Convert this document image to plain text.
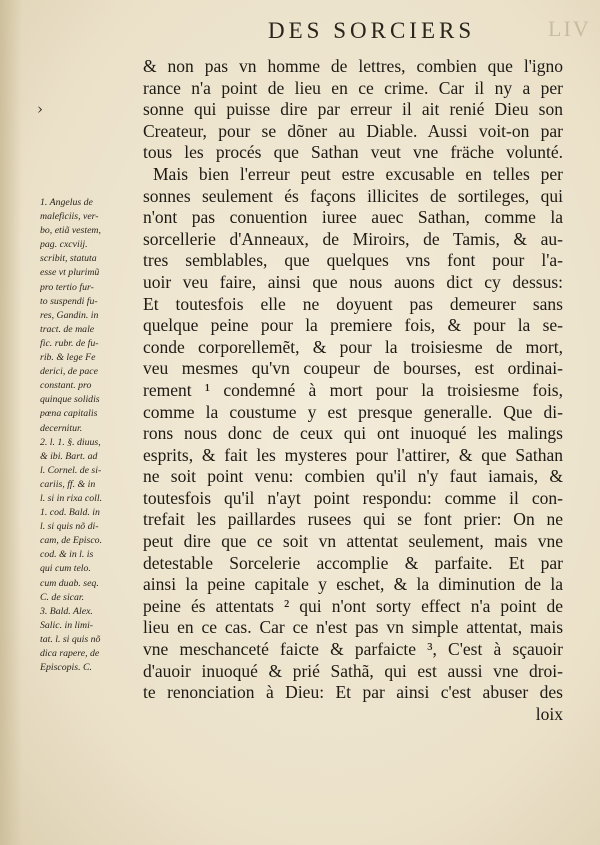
DES SORCIERS	LIV
›
& non pas vn homme de lettres, combien que l'igno
rance n'a point de lieu en ce crime. Car il ny a per
sonne qui puisse dire par erreur il ait renié Dieu son
Createur, pour se dõner au Diable. Aussi voit-on par
tous les procés que Sathan veut vne fräche volunté.
Mais bien l'erreur peut estre excusable en telles per
sonnes seulement és façons illicites de sortileges, qui
n'ont pas conuention iuree auec Sathan, comme la
sorcellerie d'Anneaux, de Miroirs, de Tamis, & au-
tres semblables, que quelques vns font pour l'a-
uoir veu faire, ainsi que nous auons dict cy dessus:
Et toutesfois elle ne doyuent pas demeurer sans
quelque peine pour la premiere fois, & pour la se-
conde corporellemẽt, & pour la troisiesme de mort,
veu mesmes qu'vn coupeur de bourses, est ordinai-
rement ¹ condemné à mort pour la troisiesme fois,
comme la coustume y est presque generalle. Que di-
rons nous donc de ceux qui ont inuoqué les malings
esprits, & fait les mysteres pour l'attirer, & que Sathan
ne soit point venu: combien qu'il n'y faut iamais, &
toutesfois qu'il n'ayt point respondu: comme il con-
trefait les paillardes rusees qui se font prier: On ne
peut dire que ce soit vn attentat seulement, mais vne
detestable Sorcelerie accomplie & parfaite. Et par
ainsi la peine capitale y eschet, & la diminution de la
peine és attentats ² qui n'ont sorty effect n'a point de
lieu en ce cas. Car ce n'est pas vn simple attentat, mais
vne meschanceté faicte & parfaicte ³, C'est à sçauoir
d'auoir inuoqué & prié Sathã, qui est aussi vne droi-
te renonciation à Dieu: Et par ainsi c'est abuser des
loix
1. Angelus de
maleficiis, ver-
bo, etiã vestem,
pag. cxcviij.
scribit, statuta
esse vt plurimũ
pro tertio fur-
to suspendi fu-
res, Gandin. in
tract. de male
fic. rubr. de fu-
rib. & lege Fe
derici, de pace
constant. pro
quinque solidis
pœna capitalis
decernitur.
2. l. 1. §. diuus,
& ibi. Bart. ad
l. Cornel. de si-
cariis, ff. & in
l. si in rixa coll.
1. cod. Bald. in
l. si quis nõ di-
cam, de Episco.
cod. & in l. is
qui cum telo.
cum duab. seq.
C. de sicar.
3. Bald. Alex.
Salic. in limi-
tat. l. si quis nõ
dica rapere, de
Episcopis. C.
